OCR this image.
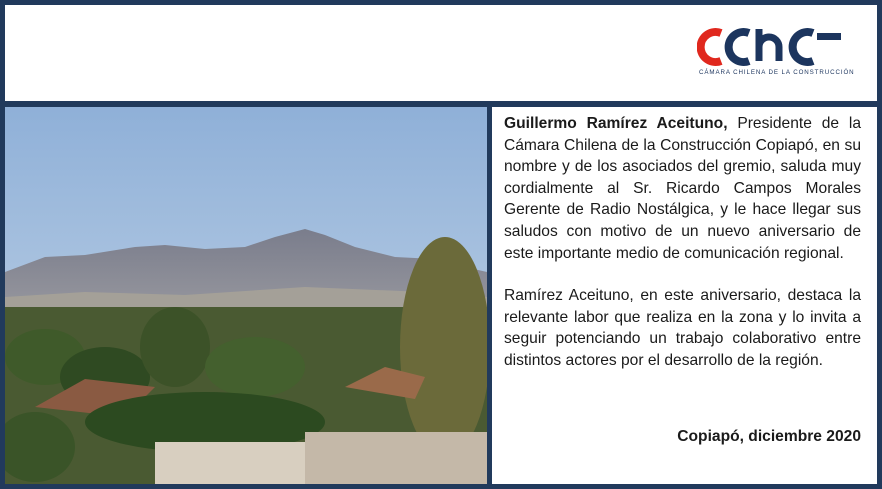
CÁMARA CHILENA DE LA CONSTRUCCIÓN

Guillermo Ramírez Aceituno, Presidente de la Cámara Chilena de la Construcción Copiapó, en su nombre y de los asociados del gremio, saluda muy cordialmente al Sr. Ricardo Campos Morales Gerente de Radio Nostálgica, y le hace llegar sus saludos con motivo de un nuevo aniversario de este importante medio de comunicación regional.

Ramírez Aceituno, en este aniversario, destaca la relevante labor que realiza en la zona y lo invita a seguir potenciando un trabajo colaborativo entre distintos actores por el desarrollo de la región.

Copiapó, diciembre 2020
